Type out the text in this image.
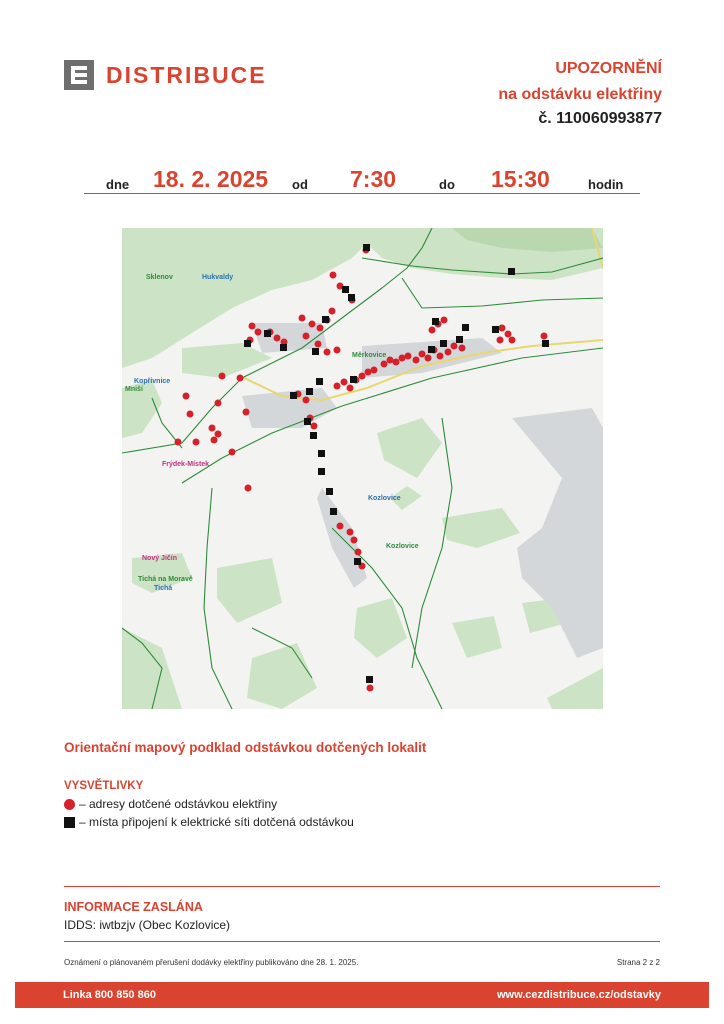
DISTRIBUCE	UPOZORNĚNÍ
na odstávku elektřiny
č. 110060993877
dne 18. 2. 2025 od 7:30	do 15:30	hodin
Sklenov	Hukvaldy
Měrkovice
Kopřivnice
Mniší
Frýdek-Místek
Kozlovice
Kozlovice
Nový Jičín
Tichá na Moravě
Tichá
Orientační mapový podklad odstávkou dotčených lokalit
VYSVĚTLIVKY
– adresy dotčené odstávkou elektřiny
– místa připojení k elektrické síti dotčená odstávkou
INFORMACE ZASLÁNA
IDDS: iwtbzjv (Obec Kozlovice)
Oznámení o plánovaném přerušení dodávky elektřiny publikováno dne 28. 1. 2025.	Strana 2 z 2
Linka 800 850 860	www.cezdistribuce.cz/odstavky
